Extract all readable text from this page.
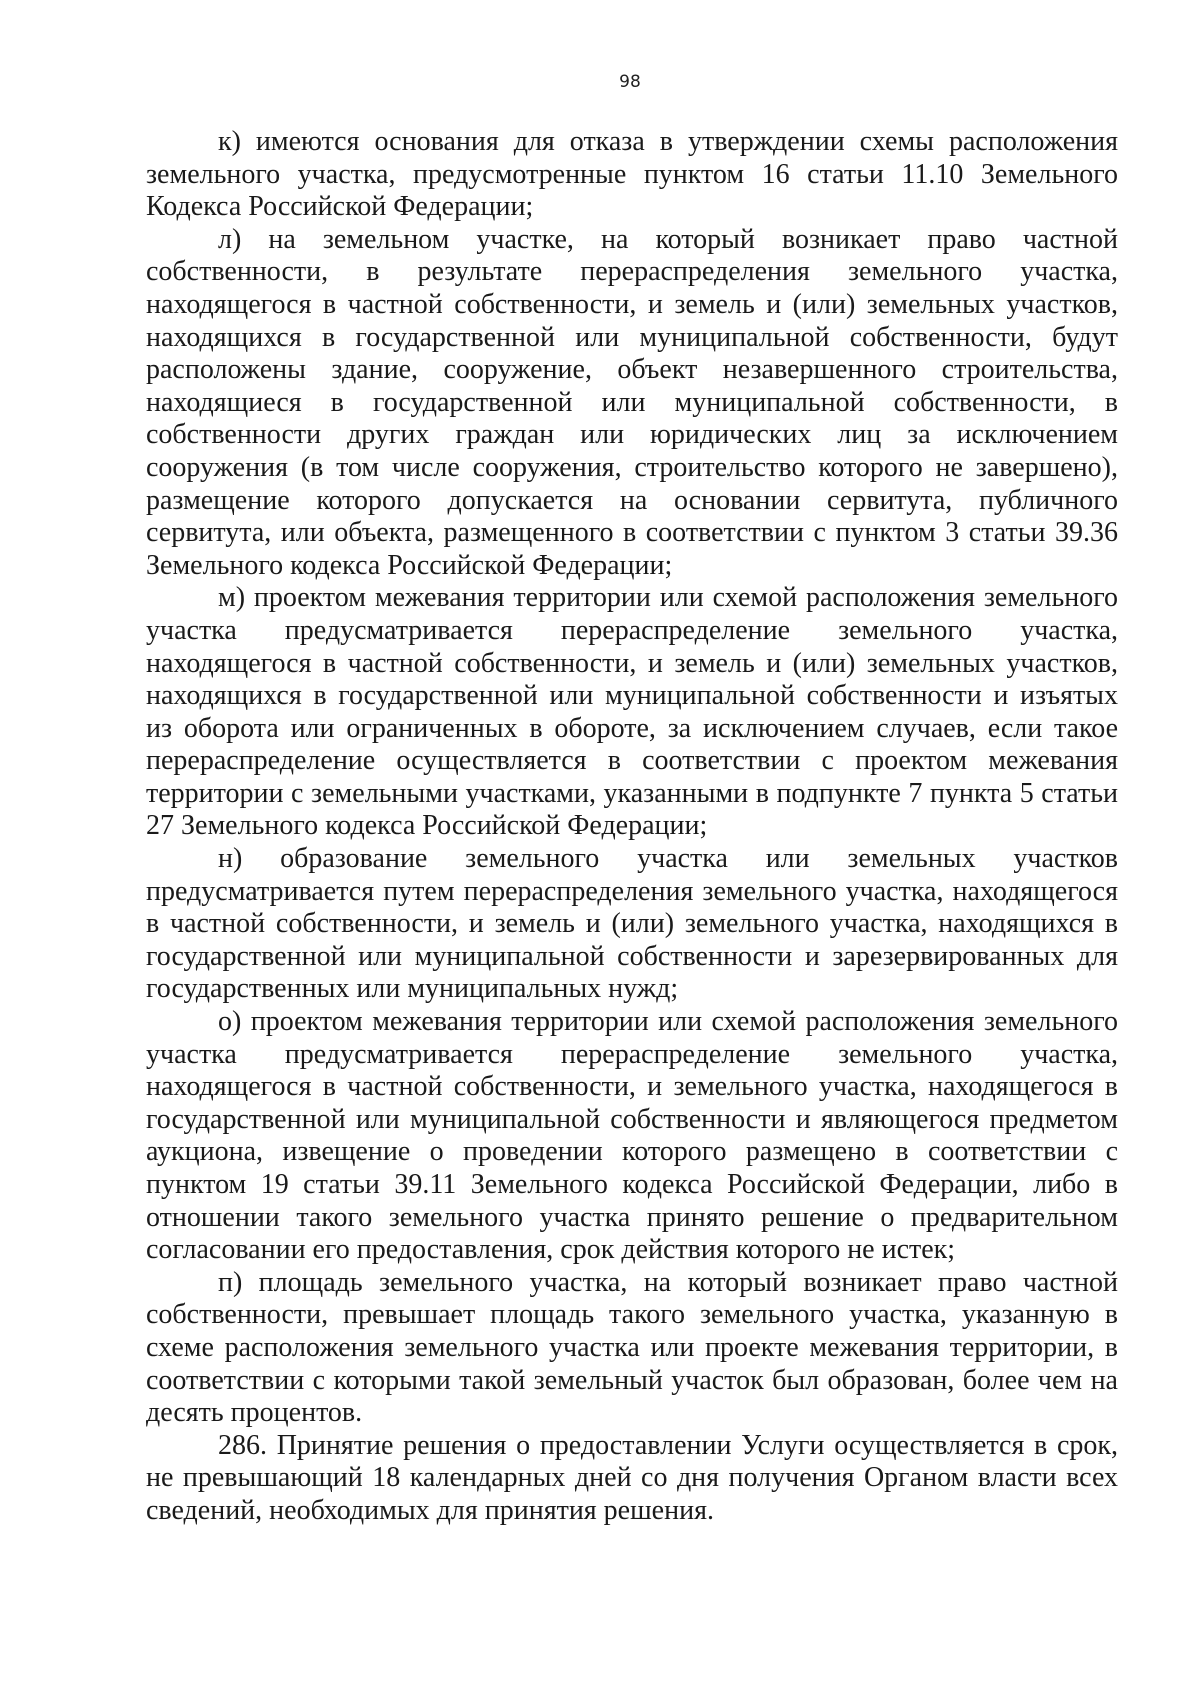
98

к) имеются основания для отказа в утверждении схемы расположения земельного участка, предусмотренные пунктом 16 статьи 11.10 Земельного Кодекса Российской Федерации;

л) на земельном участке, на который возникает право частной собственности, в результате перераспределения земельного участка, находящегося в частной собственности, и земель и (или) земельных участков, находящихся в государственной или муниципальной собственности, будут расположены здание, сооружение, объект незавершенного строительства, находящиеся в государственной или муниципальной собственности, в собственности других граждан или юридических лиц за исключением сооружения (в том числе сооружения, строительство которого не завершено), размещение которого допускается на основании сервитута, публичного сервитута, или объекта, размещенного в соответствии с пунктом 3 статьи 39.36 Земельного кодекса Российской Федерации;

м) проектом межевания территории или схемой расположения земельного участка предусматривается перераспределение земельного участка, находящегося в частной собственности, и земель и (или) земельных участков, находящихся в государственной или муниципальной собственности и изъятых из оборота или ограниченных в обороте, за исключением случаев, если такое перераспределение осуществляется в соответствии с проектом межевания территории с земельными участками, указанными в подпункте 7 пункта 5 статьи 27 Земельного кодекса Российской Федерации;

н) образование земельного участка или земельных участков предусматривается путем перераспределения земельного участка, находящегося в частной собственности, и земель и (или) земельного участка, находящихся в государственной или муниципальной собственности и зарезервированных для государственных или муниципальных нужд;

о) проектом межевания территории или схемой расположения земельного участка предусматривается перераспределение земельного участка, находящегося в частной собственности, и земельного участка, находящегося в государственной или муниципальной собственности и являющегося предметом аукциона, извещение о проведении которого размещено в соответствии с пунктом 19 статьи 39.11 Земельного кодекса Российской Федерации, либо в отношении такого земельного участка принято решение о предварительном согласовании его предоставления, срок действия которого не истек;

п) площадь земельного участка, на который возникает право частной собственности, превышает площадь такого земельного участка, указанную в схеме расположения земельного участка или проекте межевания территории, в соответствии с которыми такой земельный участок был образован, более чем на десять процентов.

286. Принятие решения о предоставлении Услуги осуществляется в срок, не превышающий 18 календарных дней со дня получения Органом власти всех сведений, необходимых для принятия решения.
